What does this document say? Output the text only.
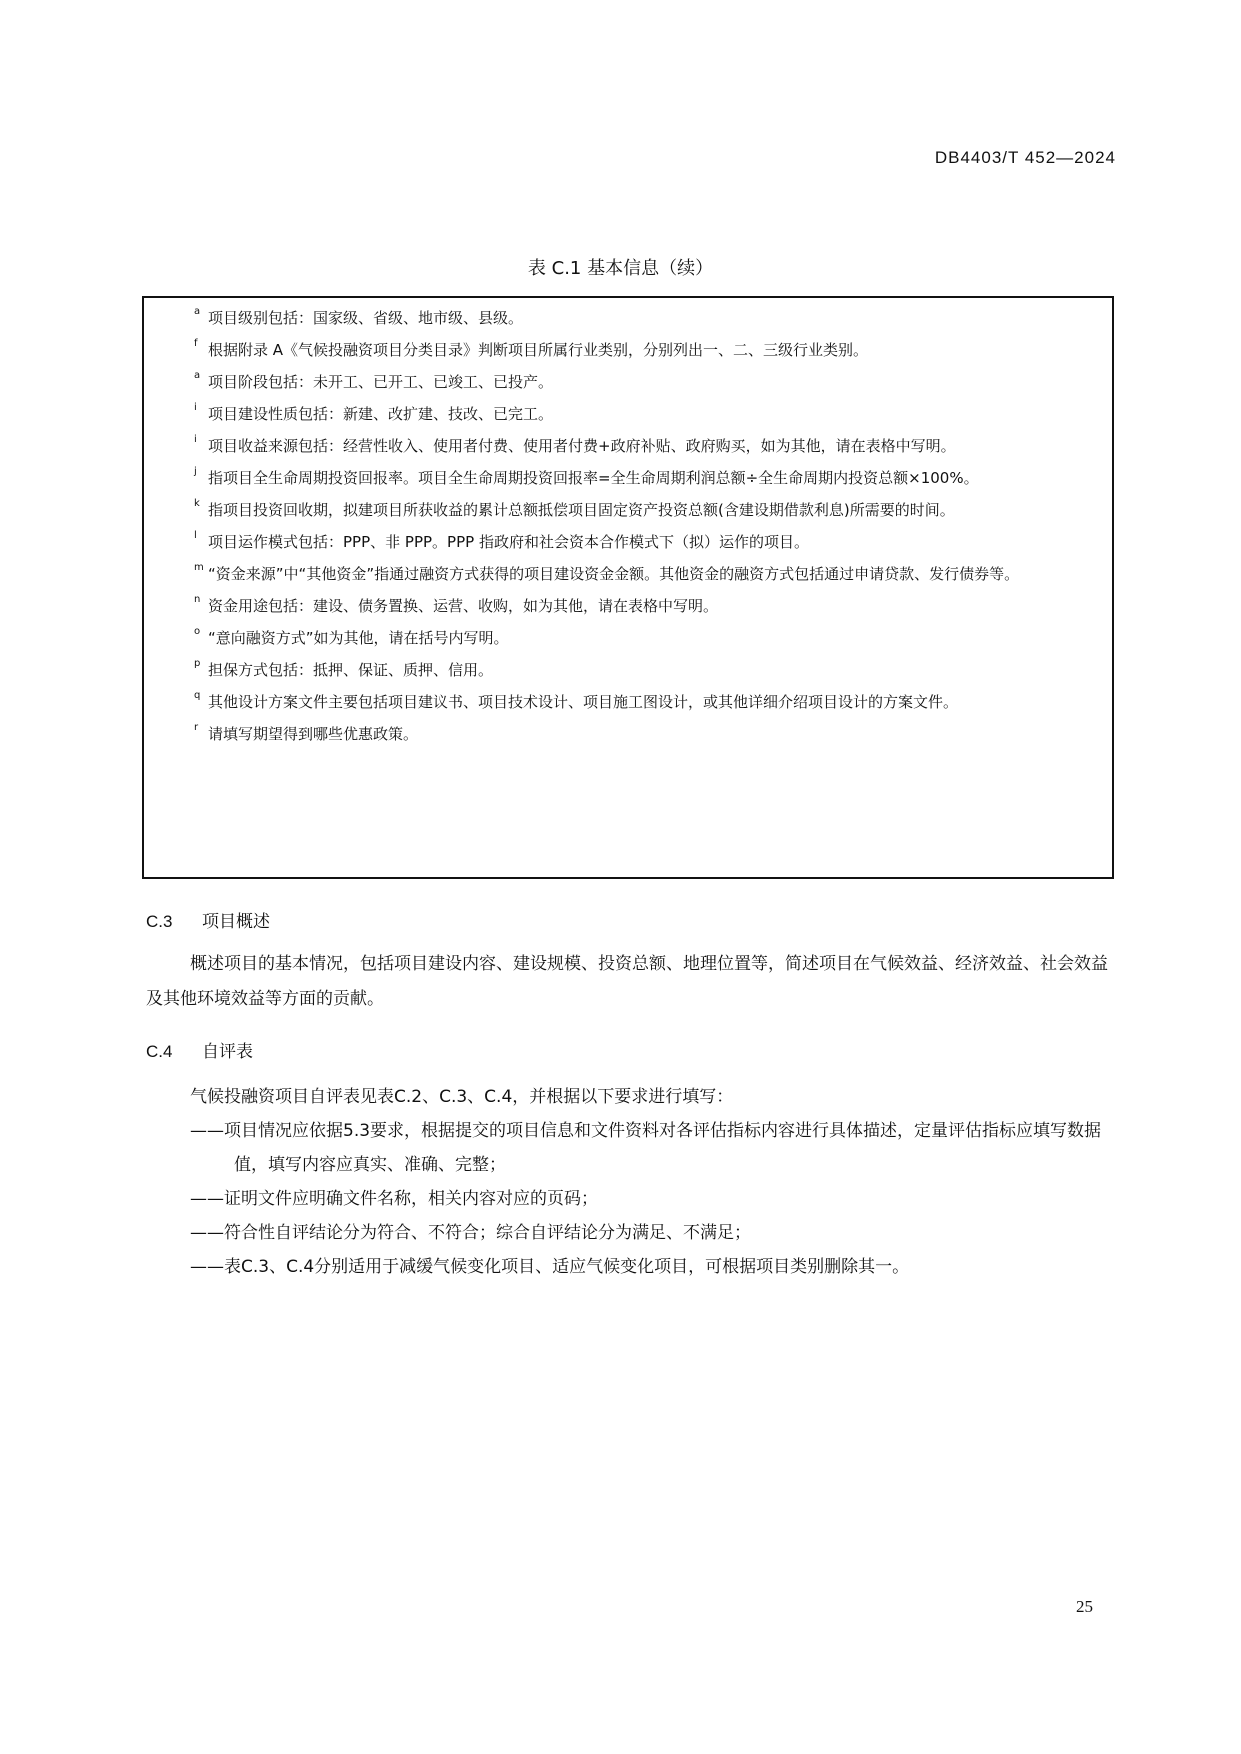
DB4403/T 452—2024
表 C.1 基本信息（续）
a 项目级别包括：国家级、省级、地市级、县级。
f 根据附录 A《气候投融资项目分类目录》判断项目所属行业类别，分别列出一、二、三级行业类别。
a 项目阶段包括：未开工、已开工、已竣工、已投产。
i 项目建设性质包括：新建、改扩建、技改、已完工。
i 项目收益来源包括：经营性收入、使用者付费、使用者付费+政府补贴、政府购买，如为其他，请在表格中写明。
j 指项目全生命周期投资回报率。项目全生命周期投资回报率=全生命周期利润总额÷全生命周期内投资总额×100%。
k 指项目投资回收期，拟建项目所获收益的累计总额抵偿项目固定资产投资总额(含建设期借款利息)所需要的时间。
l 项目运作模式包括：PPP、非 PPP。PPP 指政府和社会资本合作模式下（拟）运作的项目。
m “资金来源”中“其他资金”指通过融资方式获得的项目建设资金金额。其他资金的融资方式包括通过申请贷款、发行债券等。
n 资金用途包括：建设、债务置换、运营、收购，如为其他，请在表格中写明。
o “意向融资方式”如为其他，请在括号内写明。
p 担保方式包括：抵押、保证、质押、信用。
q 其他设计方案文件主要包括项目建议书、项目技术设计、项目施工图设计，或其他详细介绍项目设计的方案文件。
r 请填写期望得到哪些优惠政策。
C.3 项目概述
概述项目的基本情况，包括项目建设内容、建设规模、投资总额、地理位置等，简述项目在气候效益、经济效益、社会效益及其他环境效益等方面的贡献。
C.4 自评表
气候投融资项目自评表见表C.2、C.3、C.4，并根据以下要求进行填写：
——项目情况应依据5.3要求，根据提交的项目信息和文件资料对各评估指标内容进行具体描述，定量评估指标应填写数据值，填写内容应真实、准确、完整；
——证明文件应明确文件名称，相关内容对应的页码；
——符合性自评结论分为符合、不符合；综合自评结论分为满足、不满足；
——表C.3、C.4分别适用于减缓气候变化项目、适应气候变化项目，可根据项目类别删除其一。
25
